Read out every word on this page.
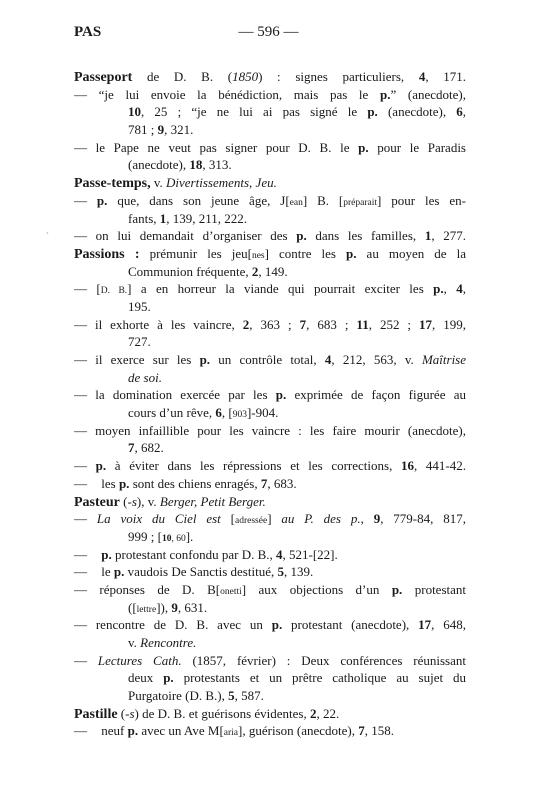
PAS	— 596 —
`
Passeport de D. B. (1850) : signes particuliers, 4, 171.
— “je lui envoie la bénédiction, mais pas le p.” (anecdote),
10, 25 ; “je ne lui ai pas signé le p. (anecdote), 6,
781 ; 9, 321.
— le Pape ne veut pas signer pour D. B. le p. pour le Paradis
(anecdote), 18, 313.
Passe-temps, v. Divertissements, Jeu.
— p. que, dans son jeune âge, J[ean] B. [préparait] pour les en-
fants, 1, 139, 211, 222.
— on lui demandait d’organiser des p. dans les familles, 1, 277.
Passions : prémunir les jeu[nes] contre les p. au moyen de la
Communion fréquente, 2, 149.
— [D. B.] a en horreur la viande qui pourrait exciter les p., 4,
195.
— il exhorte à les vaincre, 2, 363 ; 7, 683 ; 11, 252 ; 17, 199,
727.
— il exerce sur les p. un contrôle total, 4, 212, 563, v. Maîtrise
de soi.
— la domination exercée par les p. exprimée de façon figurée au
cours d’un rêve, 6, [903]-904.
— moyen infaillible pour les vaincre : les faire mourir (anecdote),
7, 682.
— p. à éviter dans les répressions et les corrections, 16, 441-42.
— les p. sont des chiens enragés, 7, 683.
Pasteur (-s), v. Berger, Petit Berger.
— La voix du Ciel est [adressée] au P. des p., 9, 779-84, 817,
999 ; [10, 60].
— p. protestant confondu par D. B., 4, 521-[22].
— le p. vaudois De Sanctis destitué, 5, 139.
— réponses de D. B[onetti] aux objections d’un p. protestant
([lettre]), 9, 631.
— rencontre de D. B. avec un p. protestant (anecdote), 17, 648,
v. Rencontre.
— Lectures Cath. (1857, février) : Deux conférences réunissant
deux p. protestants et un prêtre catholique au sujet du
Purgatoire (D. B.), 5, 587.
Pastille (-s) de D. B. et guérisons évidentes, 2, 22.
— neuf p. avec un Ave M[aria], guérison (anecdote), 7, 158.
